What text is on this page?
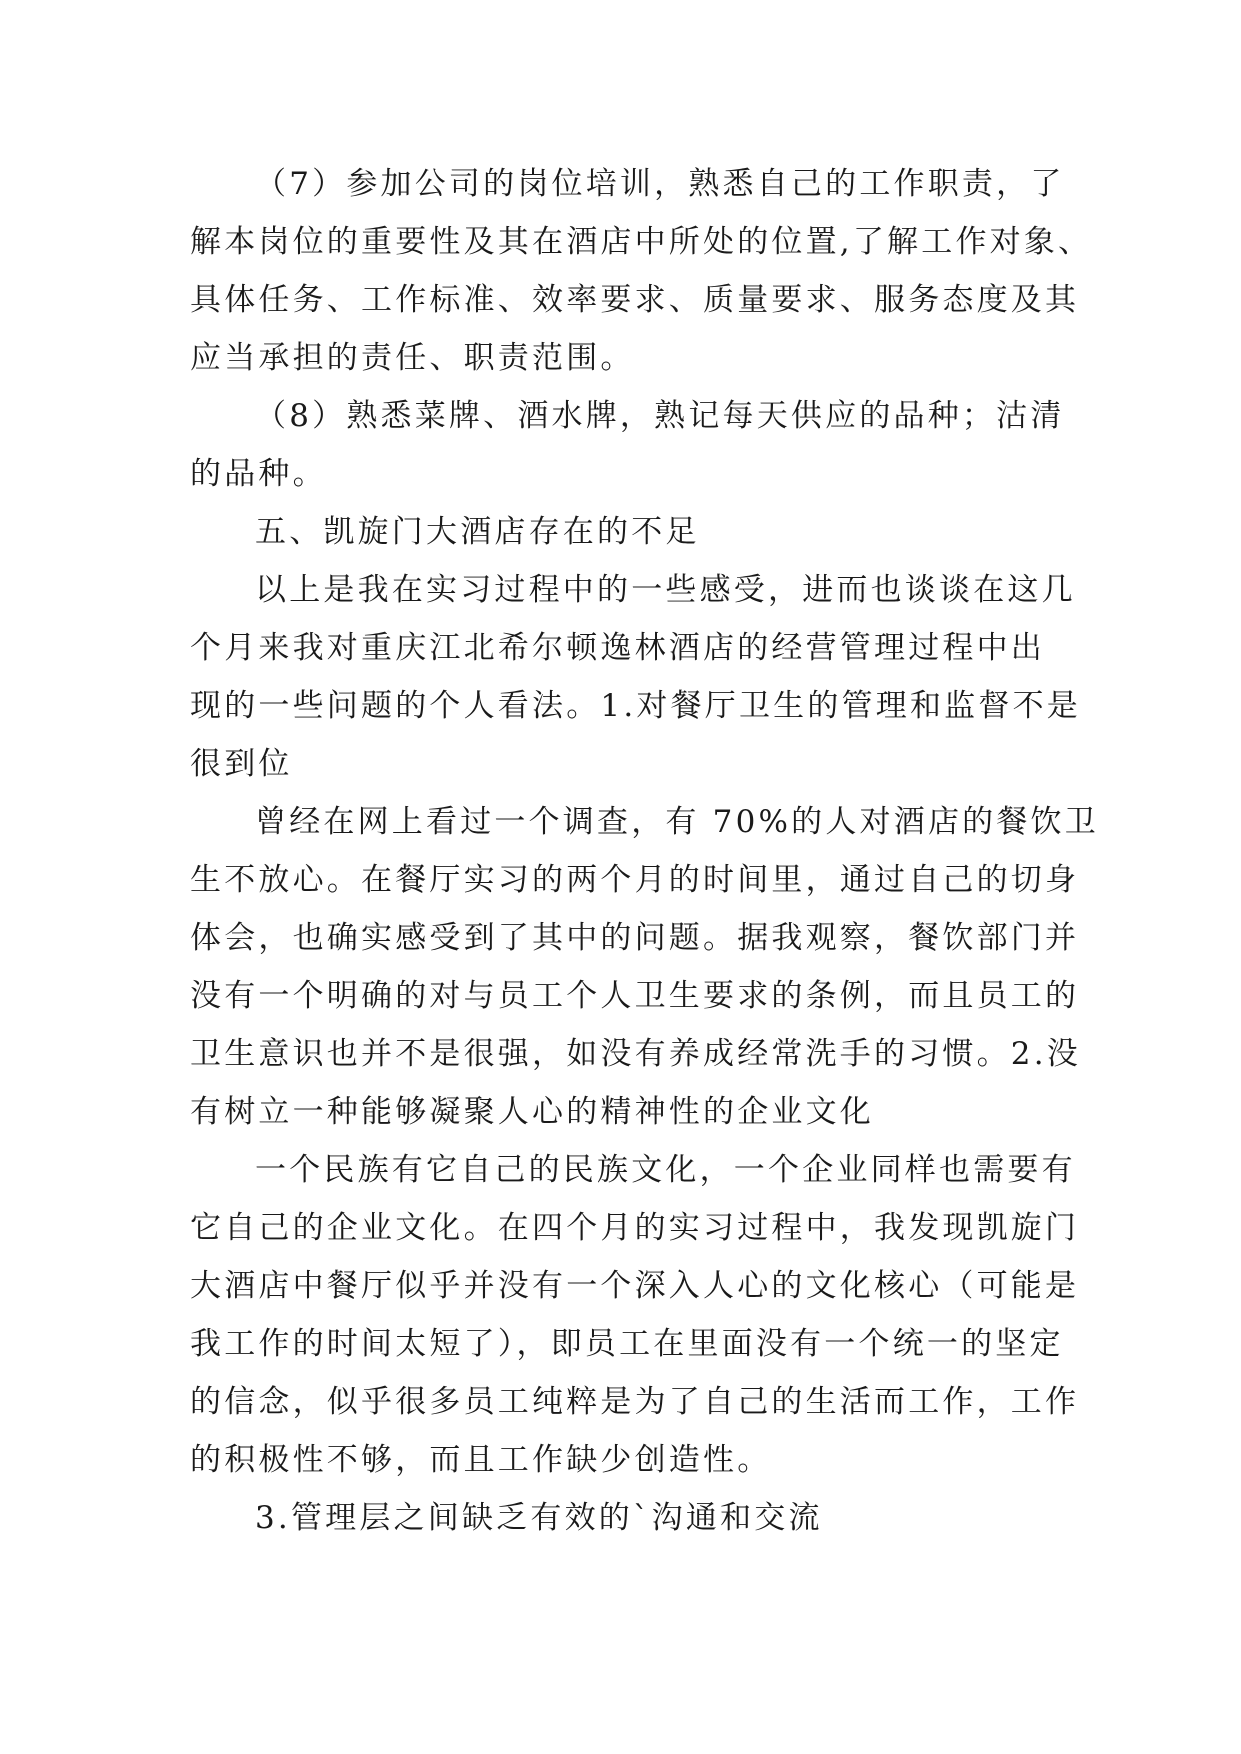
（7）参加公司的岗位培训，熟悉自己的工作职责，了
解本岗位的重要性及其在酒店中所处的位置,了解工作对象、
具体任务、工作标准、效率要求、质量要求、服务态度及其
应当承担的责任、职责范围。
（8）熟悉菜牌、酒水牌，熟记每天供应的品种；沽清
的品种。
五、凯旋门大酒店存在的不足
以上是我在实习过程中的一些感受，进而也谈谈在这几
个月来我对重庆江北希尔顿逸林酒店的经营管理过程中出
现的一些问题的个人看法。1.对餐厅卫生的管理和监督不是
很到位
曾经在网上看过一个调查，有 70%的人对酒店的餐饮卫
生不放心。在餐厅实习的两个月的时间里，通过自己的切身
体会，也确实感受到了其中的问题。据我观察，餐饮部门并
没有一个明确的对与员工个人卫生要求的条例，而且员工的
卫生意识也并不是很强，如没有养成经常洗手的习惯。2.没
有树立一种能够凝聚人心的精神性的企业文化
一个民族有它自己的民族文化，一个企业同样也需要有
它自己的企业文化。在四个月的实习过程中，我发现凯旋门
大酒店中餐厅似乎并没有一个深入人心的文化核心（可能是
我工作的时间太短了），即员工在里面没有一个统一的坚定
的信念，似乎很多员工纯粹是为了自己的生活而工作，工作
的积极性不够，而且工作缺少创造性。
3.管理层之间缺乏有效的`沟通和交流
